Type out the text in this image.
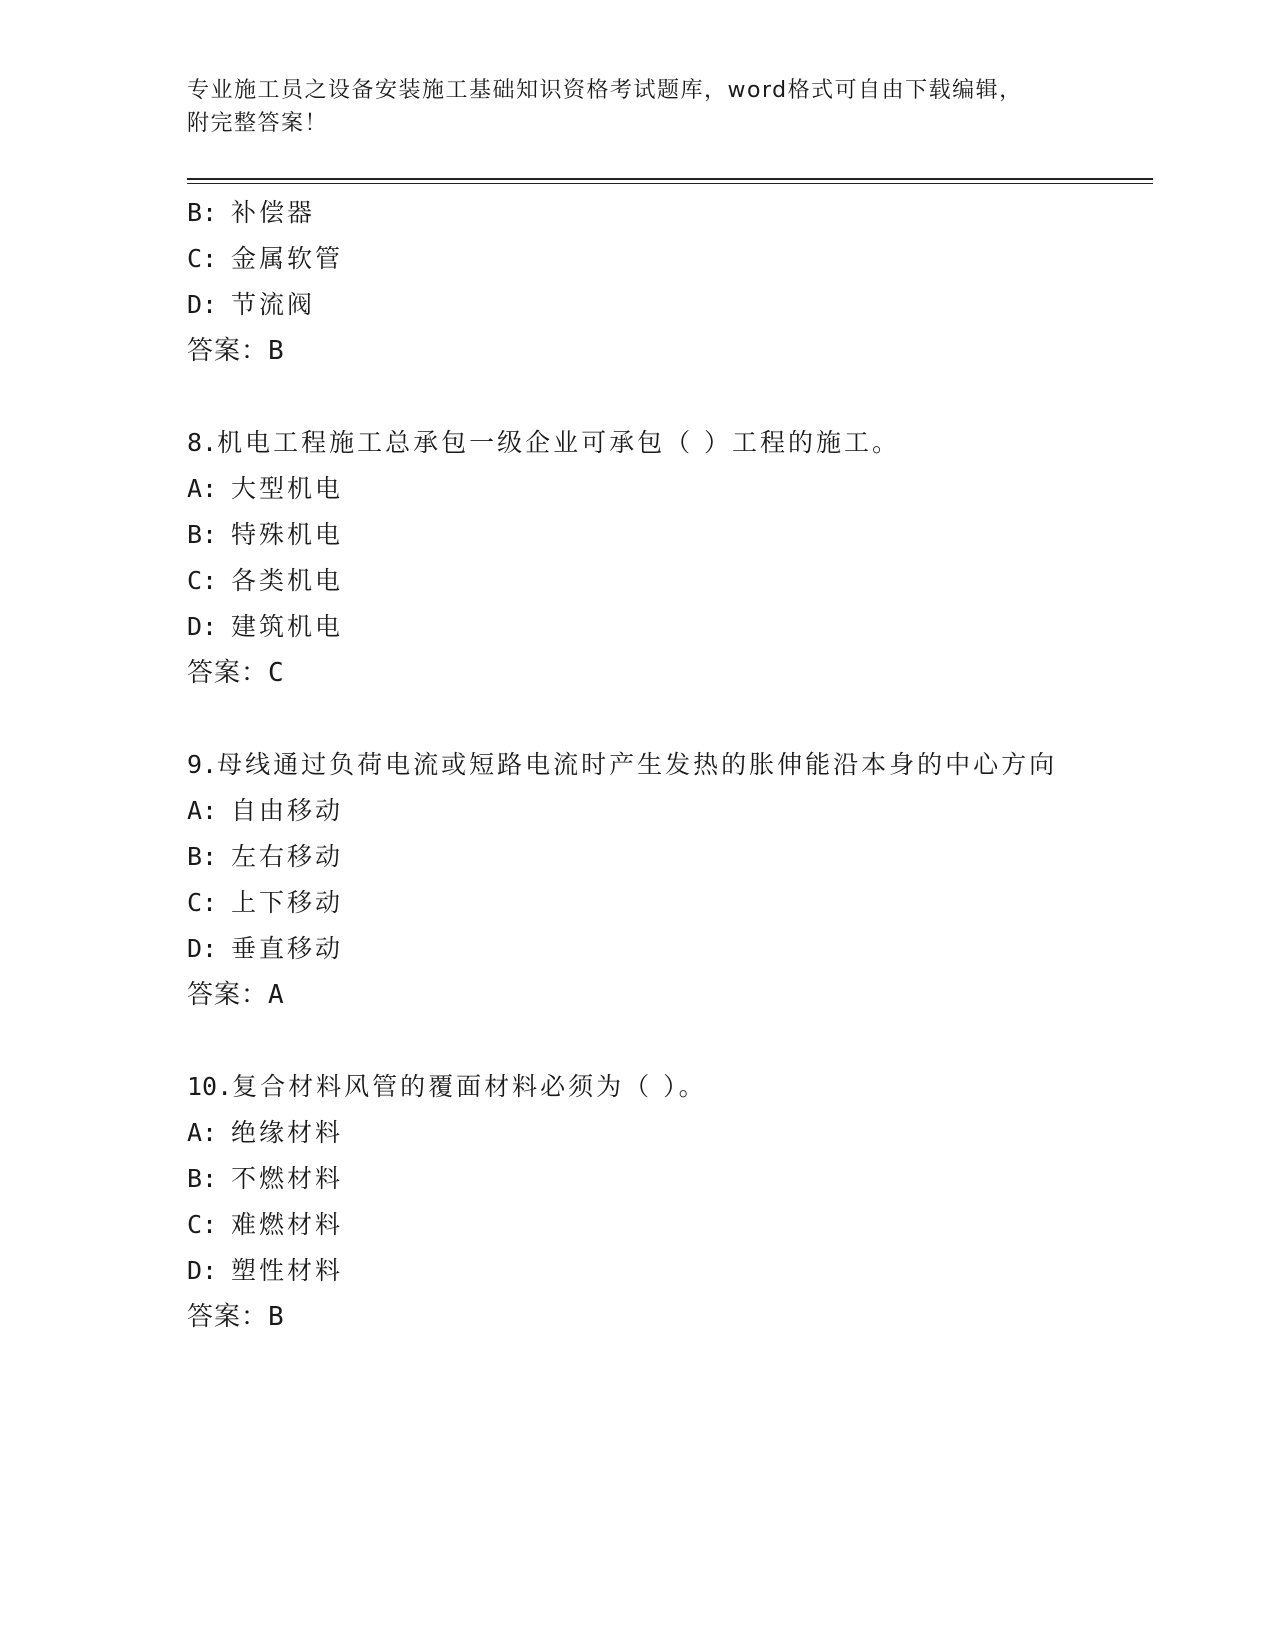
专业施工员之设备安装施工基础知识资格考试题库，word格式可自由下载编辑，
附完整答案！
B: 补偿器
C: 金属软管
D: 节流阀
答案：B
8.机电工程施工总承包一级企业可承包（ ）工程的施工。
A: 大型机电
B: 特殊机电
C: 各类机电
D: 建筑机电
答案：C
9.母线通过负荷电流或短路电流时产生发热的胀伸能沿本身的中心方向
A: 自由移动
B: 左右移动
C: 上下移动
D: 垂直移动
答案：A
10.复合材料风管的覆面材料必须为（ ）。
A: 绝缘材料
B: 不燃材料
C: 难燃材料
D: 塑性材料
答案：B
